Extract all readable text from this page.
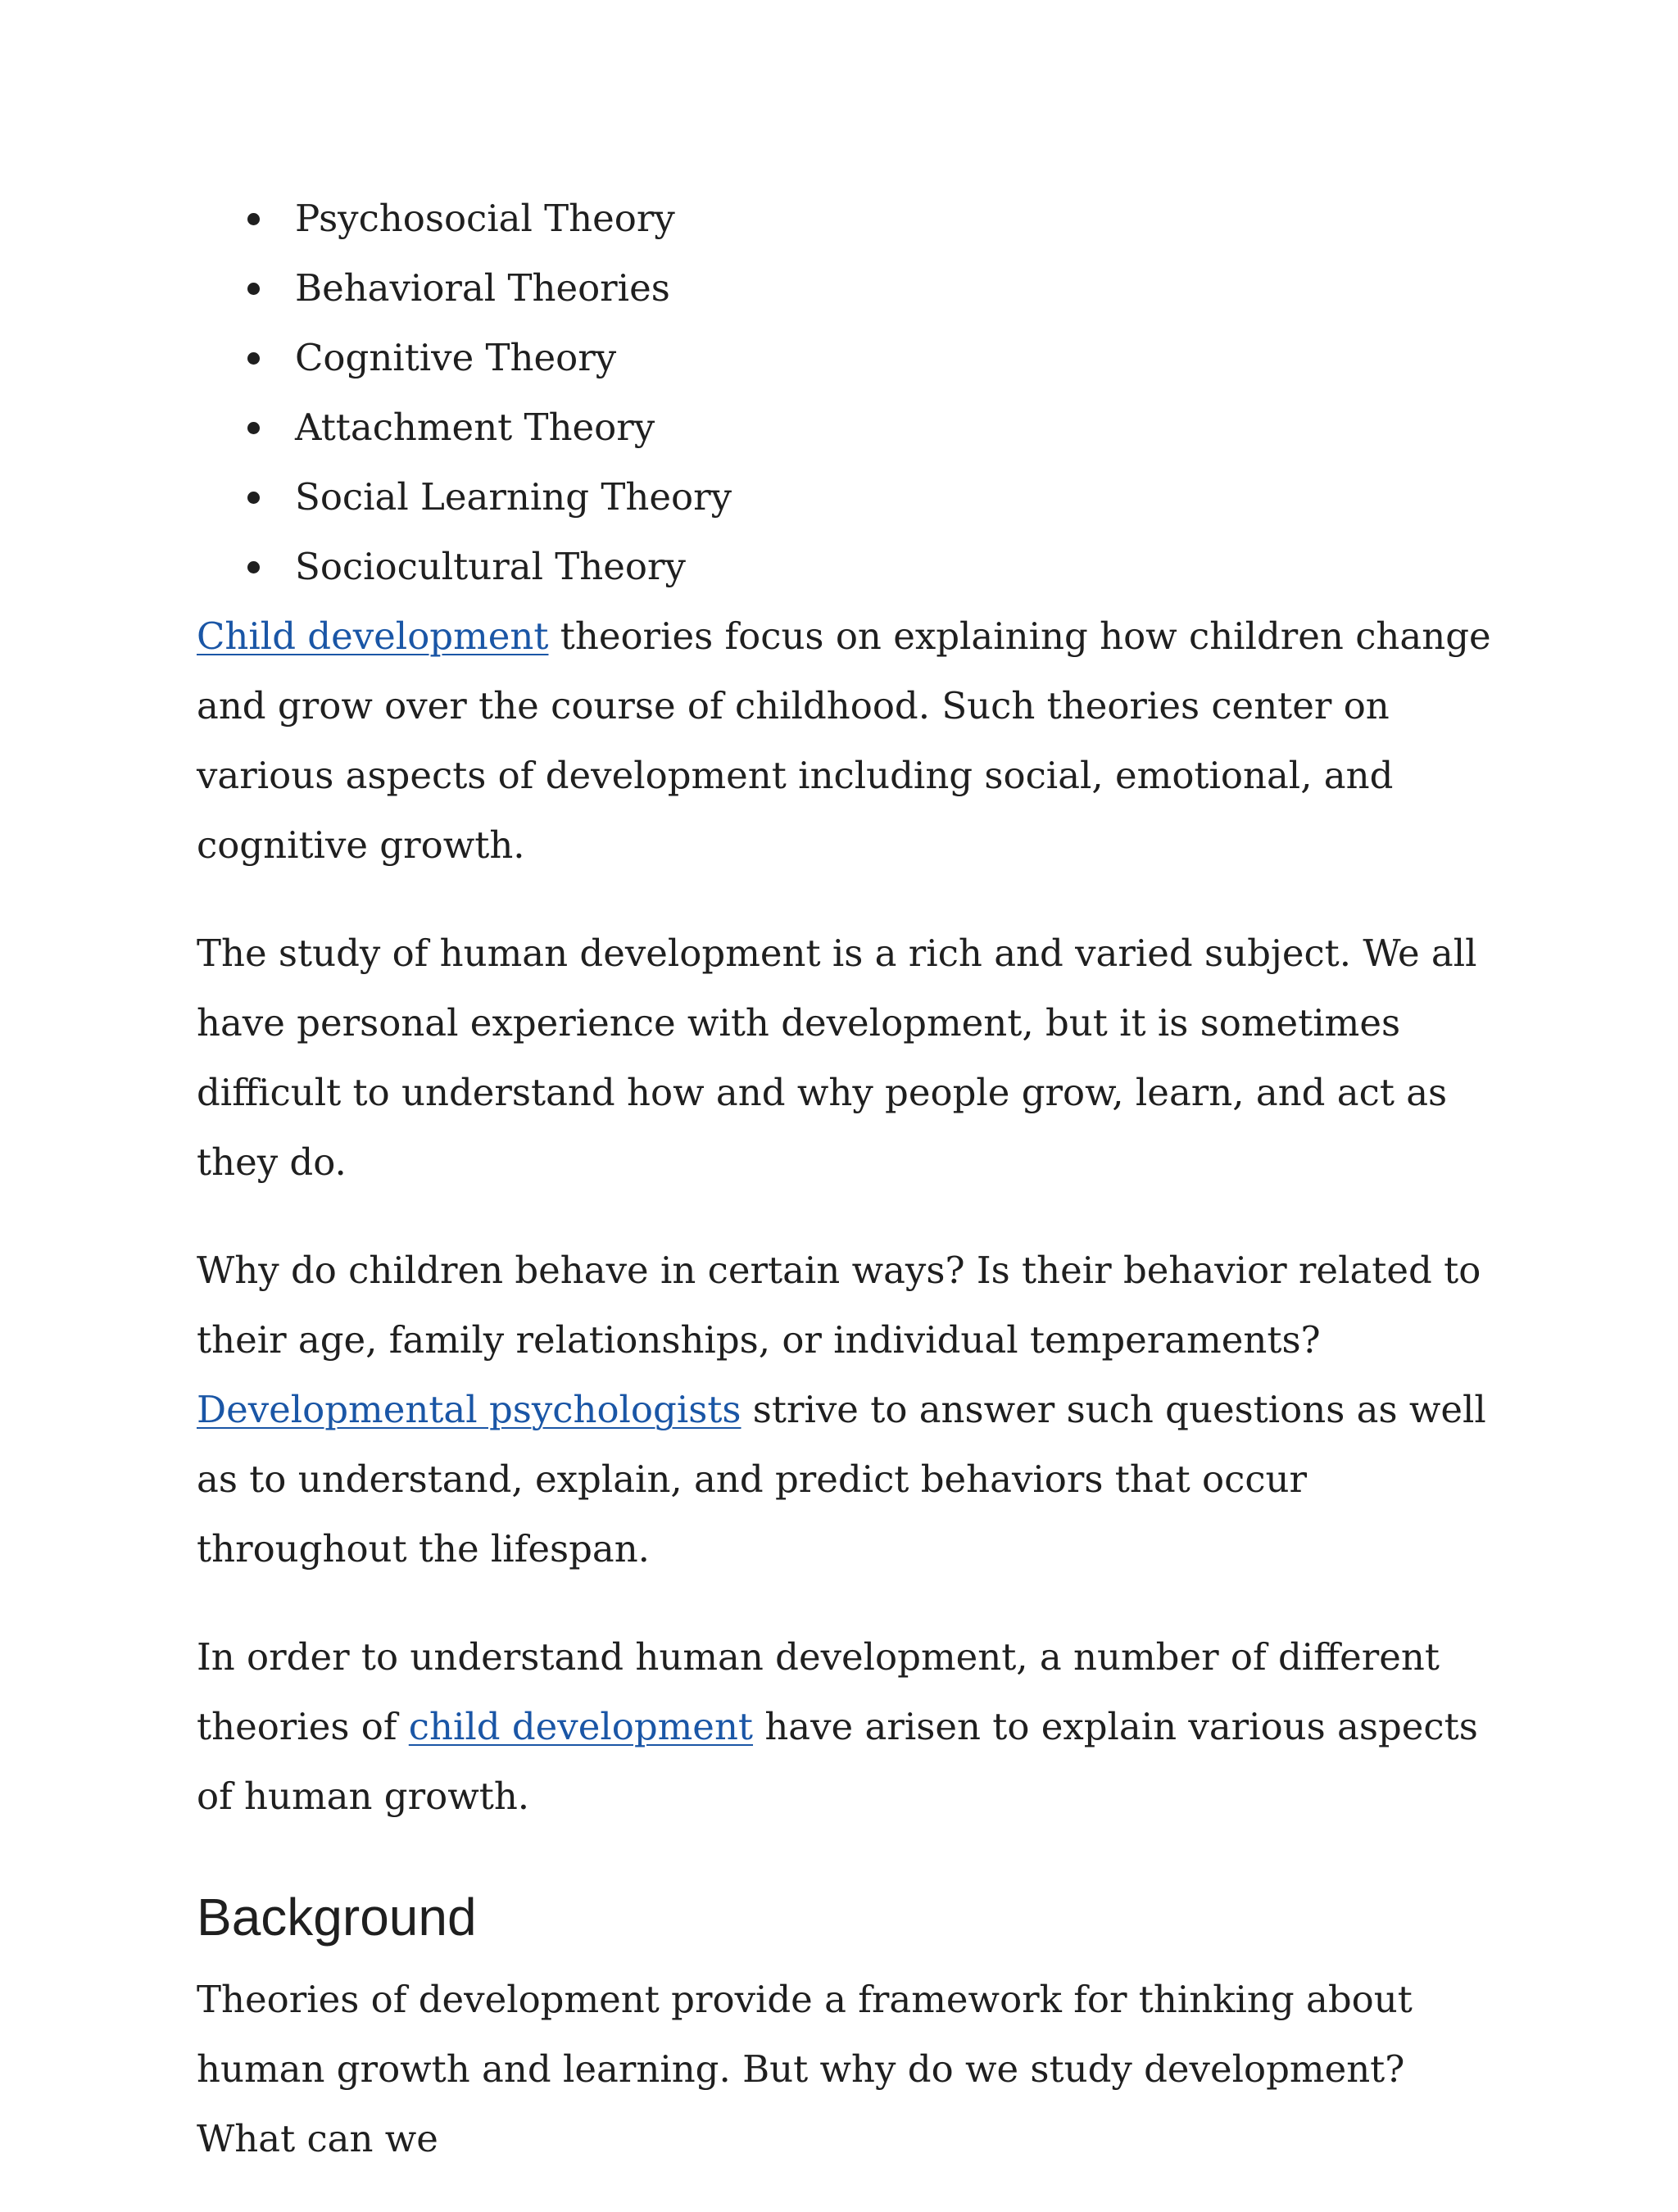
Psychosocial Theory
Behavioral Theories
Cognitive Theory
Attachment Theory
Social Learning Theory
Sociocultural Theory

Child development theories focus on explaining how children change and grow over the course of childhood. Such theories center on various aspects of development including social, emotional, and cognitive growth.

The study of human development is a rich and varied subject. We all have personal experience with development, but it is sometimes difficult to understand how and why people grow, learn, and act as they do.

Why do children behave in certain ways? Is their behavior related to their age, family relationships, or individual temperaments? Developmental psychologists strive to answer such questions as well as to understand, explain, and predict behaviors that occur throughout the lifespan.

In order to understand human development, a number of different theories of child development have arisen to explain various aspects of human growth.

Background

Theories of development provide a framework for thinking about human growth and learning. But why do we study development? What can we
